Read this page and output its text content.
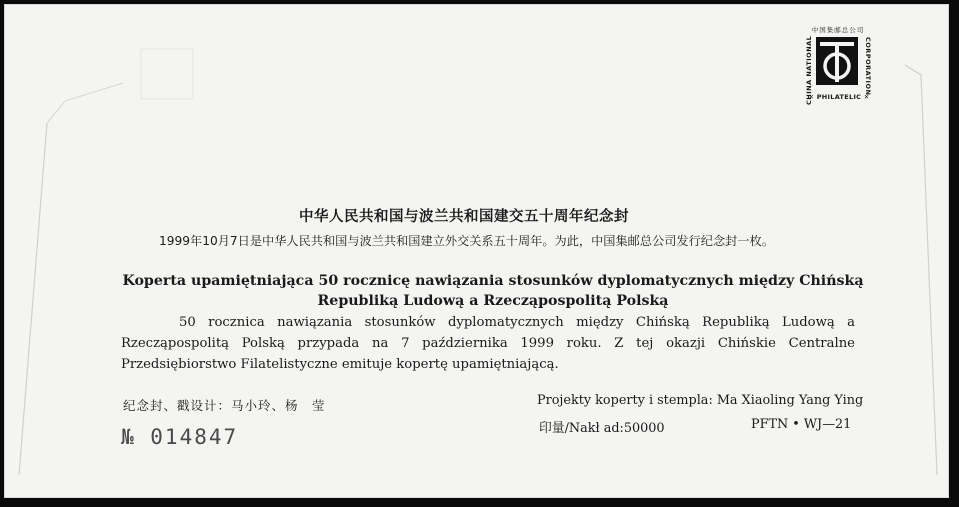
中国集邮总公司
CHINA NATIONAL	CORPORATION
✕ PHILATELIC ✕
中华人民共和国与波兰共和国建交五十周年纪念封
1999年10月7日是中华人民共和国与波兰共和国建立外交关系五十周年。为此，中国集邮总公司发行纪念封一枚。
Koperta upamiętniająca 50 rocznicę nawiązania stosunków dyplomatycznych między Chińską Republiką Ludową a Rzecząpospolitą Polską
50 rocznica nawiązania stosunków dyplomatycznych między Chińską Republiką Ludową a Rzecząpospolitą Polską przypada na 7 października 1999 roku. Z tej okazji Chińskie Centralne Przedsiębiorstwo Filatelistyczne emituje kopertę upamiętniającą.
纪念封、戳设计：马小玲、杨　莹
№ 014847
Projekty koperty i stempla: Ma Xiaoling Yang Ying
印量/Nakł ad:50000	PFTN • WJ—21
